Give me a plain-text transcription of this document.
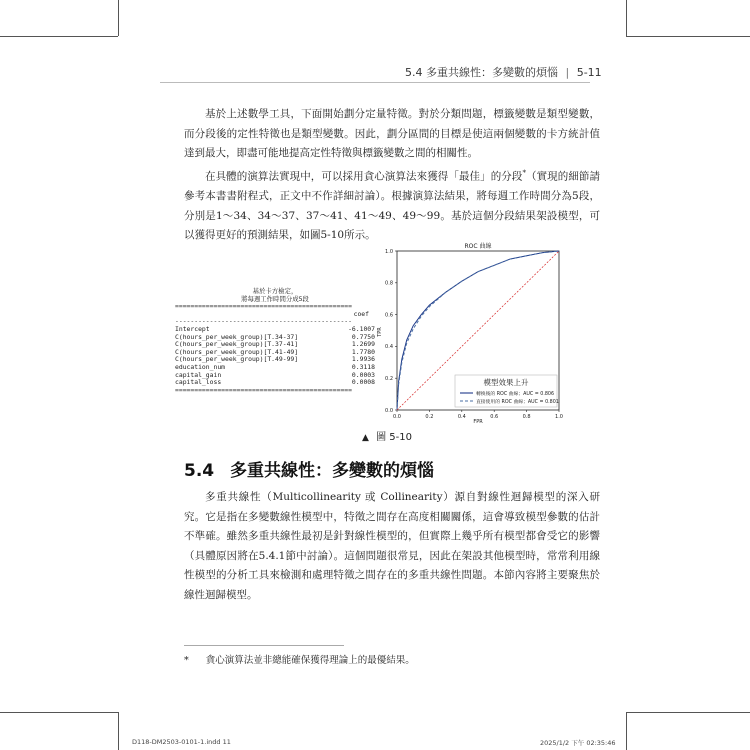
5.4 多重共線性：多變數的煩惱 | 5-11
基於上述數學工具，下面開始劃分定量特徵。對於分類問題，標籤變數是類型變數，而分段後的定性特徵也是類型變數。因此，劃分區間的目標是使這兩個變數的卡方統計值達到最大，即盡可能地提高定性特徵與標籤變數之間的相關性。
在具體的演算法實現中，可以採用貪心演算法來獲得「最佳」的分段*（實現的細節請參考本書書附程式，正文中不作詳細討論）。根據演算法結果，將每週工作時間分為5段，分別是1～34、34～37、37～41、41～49、49～99。基於這個分段結果架設模型，可以獲得更好的預測結果，如圖5-10所示。
基於卡方檢定，
將每週工作時間分成5段
==============================================
coef
----------------------------------------------
Intercept	-6.1007
C(hours_per_week_group)[T.34-37]	0.7750
C(hours_per_week_group)[T.37-41]	1.2699
C(hours_per_week_group)[T.41-49]	1.7780
C(hours_per_week_group)[T.49-99]	1.9936
education_num	0.3118
capital_gain	0.0003
capital_loss	0.0008
==============================================
ROC 曲線
0.0	0.2	0.4	0.6	0.8	1.0
0.0
0.2
0.4
0.6
0.8
1.0
FPR
TPR
模型效果上升
轉換後的 ROC 曲線；AUC = 0.806
直接使用的 ROC 曲線；AUC = 0.801
▲ 圖 5-10
5.4 多重共線性：多變數的煩惱
多重共線性（Multicollinearity 或 Collinearity）源自對線性迴歸模型的深入研究。它是指在多變數線性模型中，特徵之間存在高度相關關係，這會導致模型參數的估計不準確。雖然多重共線性最初是針對線性模型的，但實際上幾乎所有模型都會受它的影響（具體原因將在5.4.1節中討論）。這個問題很常見，因此在架設其他模型時，常常利用線性模型的分析工具來檢測和處理特徵之間存在的多重共線性問題。本節內容將主要聚焦於線性迴歸模型。
* 貪心演算法並非總能確保獲得理論上的最優結果。
D118-DM2503-0101-1.indd 11	2025/1/2 下午 02:35:46
